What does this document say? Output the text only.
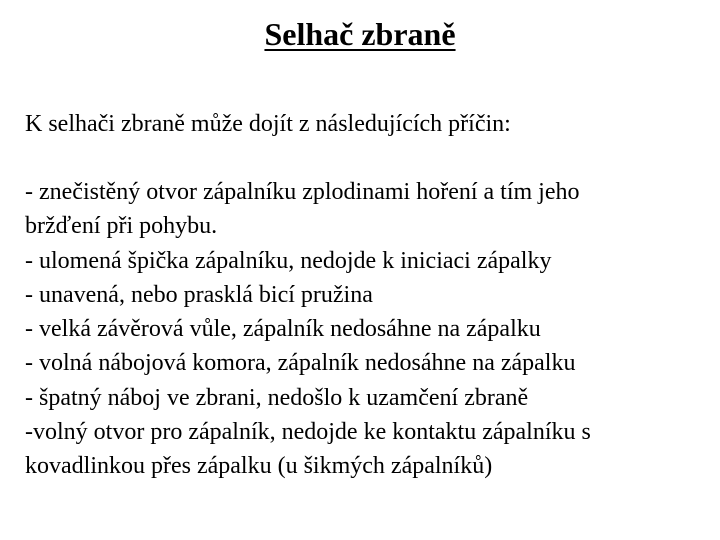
Selhač zbraně
K selhači zbraně může dojít z následujících příčin:
- znečistěný otvor zápalníku zplodinami hoření a tím jeho
bržďení při pohybu.
- ulomená špička zápalníku, nedojde k iniciaci zápalky
- unavená, nebo prasklá bicí pružina
- velká závěrová vůle, zápalník nedosáhne na zápalku
- volná nábojová komora, zápalník nedosáhne na zápalku
- špatný náboj ve zbrani, nedošlo k uzamčení zbraně
-volný otvor pro zápalník, nedojde ke kontaktu zápalníku s
kovadlinkou přes zápalku (u šikmých zápalníků)
